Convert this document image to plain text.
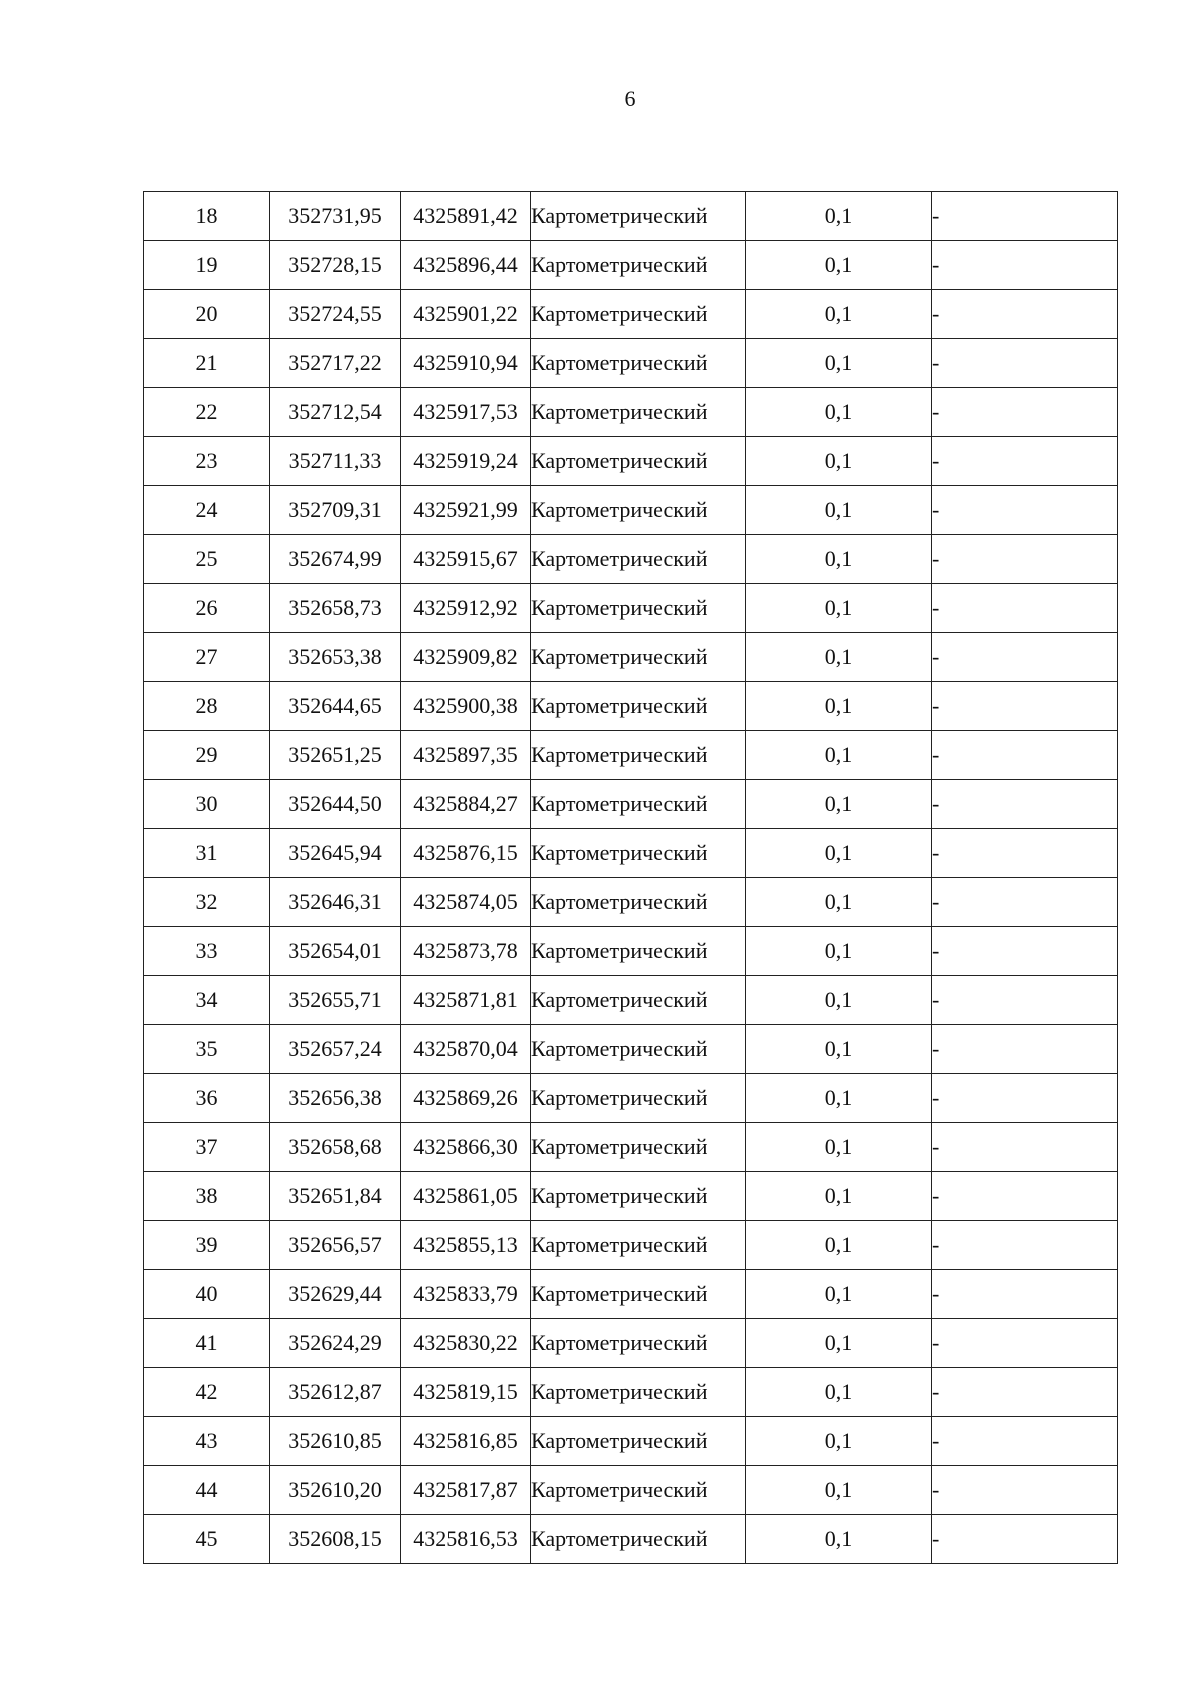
6
18	352731,95	4325891,42	Картометрический	0,1	-
19	352728,15	4325896,44	Картометрический	0,1	-
20	352724,55	4325901,22	Картометрический	0,1	-
21	352717,22	4325910,94	Картометрический	0,1	-
22	352712,54	4325917,53	Картометрический	0,1	-
23	352711,33	4325919,24	Картометрический	0,1	-
24	352709,31	4325921,99	Картометрический	0,1	-
25	352674,99	4325915,67	Картометрический	0,1	-
26	352658,73	4325912,92	Картометрический	0,1	-
27	352653,38	4325909,82	Картометрический	0,1	-
28	352644,65	4325900,38	Картометрический	0,1	-
29	352651,25	4325897,35	Картометрический	0,1	-
30	352644,50	4325884,27	Картометрический	0,1	-
31	352645,94	4325876,15	Картометрический	0,1	-
32	352646,31	4325874,05	Картометрический	0,1	-
33	352654,01	4325873,78	Картометрический	0,1	-
34	352655,71	4325871,81	Картометрический	0,1	-
35	352657,24	4325870,04	Картометрический	0,1	-
36	352656,38	4325869,26	Картометрический	0,1	-
37	352658,68	4325866,30	Картометрический	0,1	-
38	352651,84	4325861,05	Картометрический	0,1	-
39	352656,57	4325855,13	Картометрический	0,1	-
40	352629,44	4325833,79	Картометрический	0,1	-
41	352624,29	4325830,22	Картометрический	0,1	-
42	352612,87	4325819,15	Картометрический	0,1	-
43	352610,85	4325816,85	Картометрический	0,1	-
44	352610,20	4325817,87	Картометрический	0,1	-
45	352608,15	4325816,53	Картометрический	0,1	-
